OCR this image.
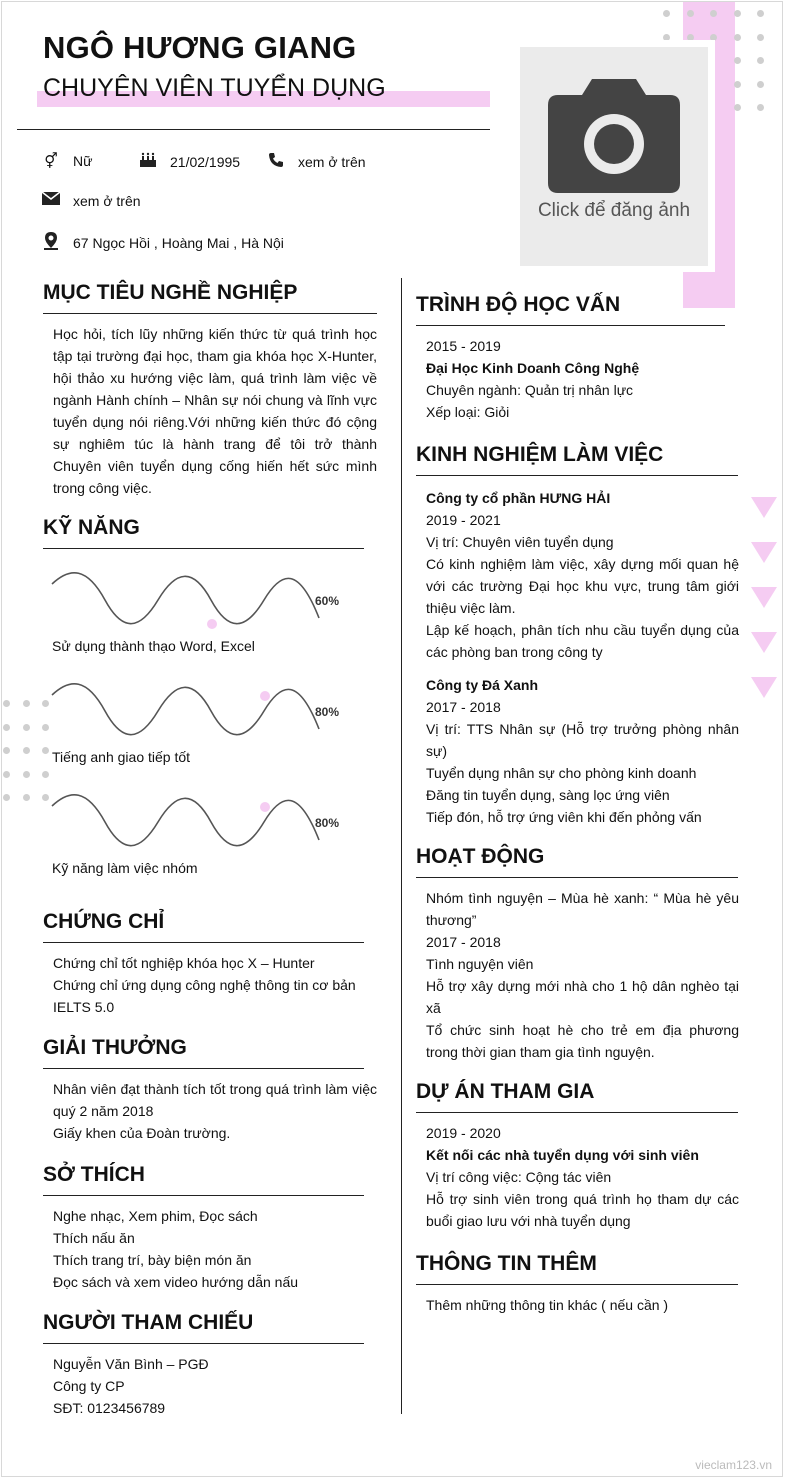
Click để đăng ảnh
NGÔ HƯƠNG GIANG
CHUYÊN VIÊN TUYỂN DỤNG
⚥ Nữ	21/02/1995	xem ở trên
xem ở trên
67 Ngọc Hồi , Hoàng Mai , Hà Nội
MỤC TIÊU NGHỀ NGHIỆP
Học hỏi, tích lũy những kiến thức từ quá trình học tập tại trường đại học, tham gia khóa học X-Hunter, hội thảo xu hướng việc làm, quá trình làm việc về ngành Hành chính – Nhân sự nói chung và lĩnh vực tuyển dụng nói riêng.Với những kiến thức đó cộng sự nghiêm túc là hành trang để tôi trở thành Chuyên viên tuyển dụng cống hiến hết sức mình trong công việc.
KỸ NĂNG
60%
Sử dụng thành thạo Word, Excel
80%
Tiếng anh giao tiếp tốt
80%
Kỹ năng làm việc nhóm
CHỨNG CHỈ
Chứng chỉ tốt nghiệp khóa học X – Hunter
Chứng chỉ ứng dụng công nghệ thông tin cơ bản
IELTS 5.0
GIẢI THƯỞNG
Nhân viên đạt thành tích tốt trong quá trình làm việc quý 2 năm 2018
Giấy khen của Đoàn trường.
SỞ THÍCH
Nghe nhạc, Xem phim, Đọc sách
Thích nấu ăn
Thích trang trí, bày biện món ăn
Đọc sách và xem video hướng dẫn nấu
NGƯỜI THAM CHIẾU
Nguyễn Văn Bình – PGĐ
Công ty CP
SĐT: 0123456789
TRÌNH ĐỘ HỌC VẤN
2015 - 2019
Đại Học Kinh Doanh Công Nghệ
Chuyên ngành: Quản trị nhân lực
Xếp loại: Giỏi
KINH NGHIỆM LÀM VIỆC
Công ty cổ phần HƯNG HẢI
2019 - 2021
Vị trí: Chuyên viên tuyển dụng
Có kinh nghiệm làm việc, xây dựng mối quan hệ với các trường Đại học khu vực, trung tâm giới thiệu việc làm.
Lập kế hoạch, phân tích nhu cầu tuyển dụng của các phòng ban trong công ty
Công ty Đá Xanh
2017 - 2018
Vị trí: TTS Nhân sự (Hỗ trợ trưởng phòng nhân sự)
Tuyển dụng nhân sự cho phòng kinh doanh
Đăng tin tuyển dụng, sàng lọc ứng viên
Tiếp đón, hỗ trợ ứng viên khi đến phỏng vấn
HOẠT ĐỘNG
Nhóm tình nguyện – Mùa hè xanh: “ Mùa hè yêu thương”
2017 - 2018
Tình nguyện viên
Hỗ trợ xây dựng mới nhà cho 1 hộ dân nghèo tại xã
Tổ chức sinh hoạt hè cho trẻ em địa phương trong thời gian tham gia tình nguyện.
DỰ ÁN THAM GIA
2019 - 2020
Kết nối các nhà tuyển dụng với sinh viên
Vị trí công việc: Cộng tác viên
Hỗ trợ sinh viên trong quá trình họ tham dự các buổi giao lưu với nhà tuyển dụng
THÔNG TIN THÊM
Thêm những thông tin khác ( nếu cần )
vieclam123.vn
